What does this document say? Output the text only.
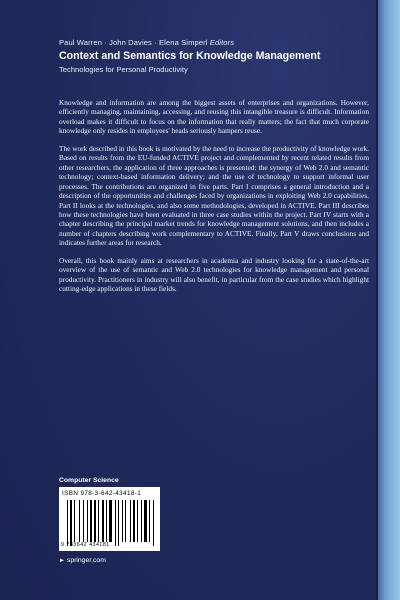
Paul Warren · John Davies · Elena Simperl Editors
Context and Semantics for Knowledge Management
Technologies for Personal Productivity

Knowledge and information are among the biggest assets of enterprises and organizations. However, efficiently managing, maintaining, accessing, and reusing this intangible treasure is difficult. Information overload makes it difficult to focus on the information that really matters; the fact that much corporate knowledge only resides in employees' heads seriously hampers reuse.

The work described in this book is motivated by the need to increase the productivity of knowledge work. Based on results from the EU-funded ACTIVE project and complemented by recent related results from other researchers, the application of three approaches is presented: the synergy of Web 2.0 and semantic technology; context-based information delivery; and the use of technology to support informal user processes. The contributions are organized in five parts. Part I comprises a general introduction and a description of the opportunities and challenges faced by organizations in exploiting Web 2.0 capabilities. Part II looks at the technologies, and also some methodologies, developed in ACTIVE. Part III describes how these technologies have been evaluated in three case studies within the project. Part IV starts with a chapter describing the principal market trends for knowledge management solutions, and then includes a number of chapters describing work complementary to ACTIVE. Finally, Part V draws conclusions and indicates further areas for research.

Overall, this book mainly aims at researchers in academia and industry looking for a state-of-the-art overview of the use of semantic and Web 2.0 technologies for knowledge management and personal productivity. Practitioners in industry will also benefit, in particular from the case studies which highlight cutting-edge applications in these fields.

Computer Science
ISBN 978-3-642-43418-1
9 783642 434181
► springer.com
